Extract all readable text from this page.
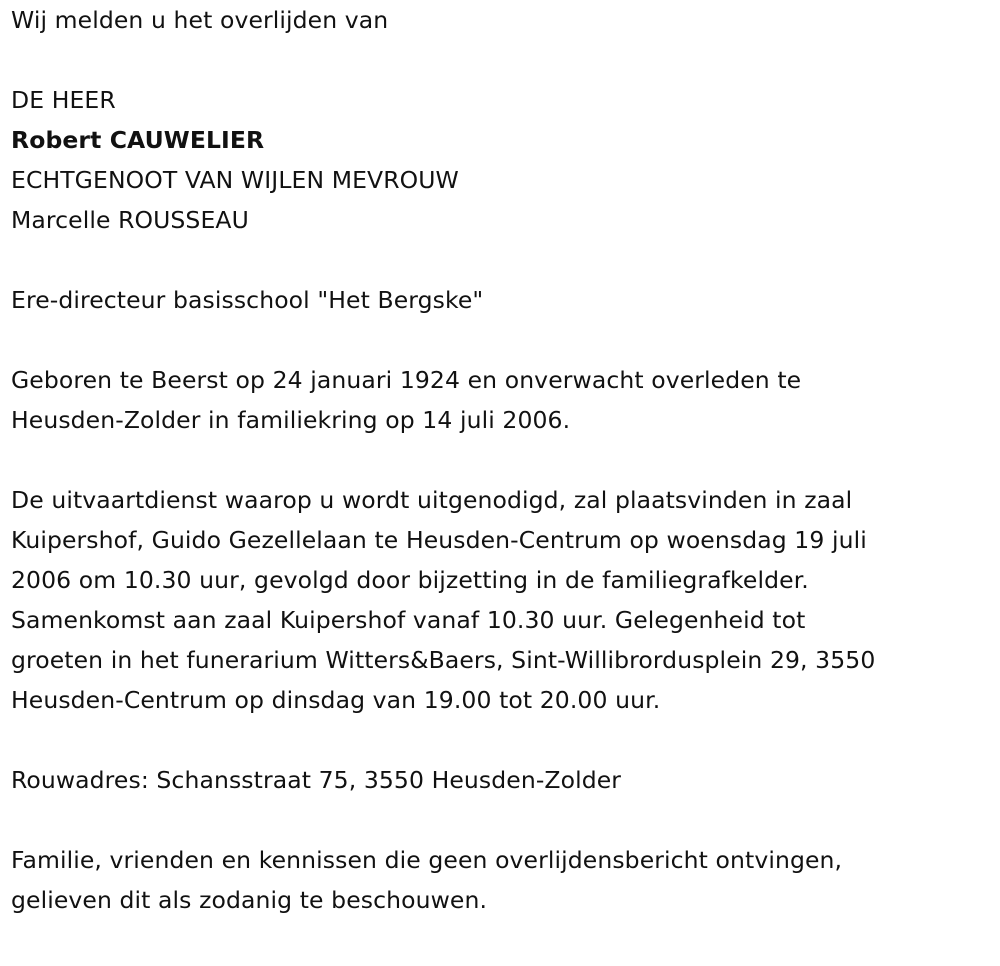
Wij melden u het overlijden van
DE HEER
Robert CAUWELIER
ECHTGENOOT VAN WIJLEN MEVROUW
Marcelle ROUSSEAU
Ere-directeur basisschool "Het Bergske"
Geboren te Beerst op 24 januari 1924 en onverwacht overleden te
Heusden-Zolder in familiekring op 14 juli 2006.
De uitvaartdienst waarop u wordt uitgenodigd, zal plaatsvinden in zaal
Kuipershof, Guido Gezellelaan te Heusden-Centrum op woensdag 19 juli
2006 om 10.30 uur, gevolgd door bijzetting in de familiegrafkelder.
Samenkomst aan zaal Kuipershof vanaf 10.30 uur. Gelegenheid tot
groeten in het funerarium Witters&Baers, Sint-Willibrordusplein 29, 3550
Heusden-Centrum op dinsdag van 19.00 tot 20.00 uur.
Rouwadres: Schansstraat 75, 3550 Heusden-Zolder
Familie, vrienden en kennissen die geen overlijdensbericht ontvingen,
gelieven dit als zodanig te beschouwen.
